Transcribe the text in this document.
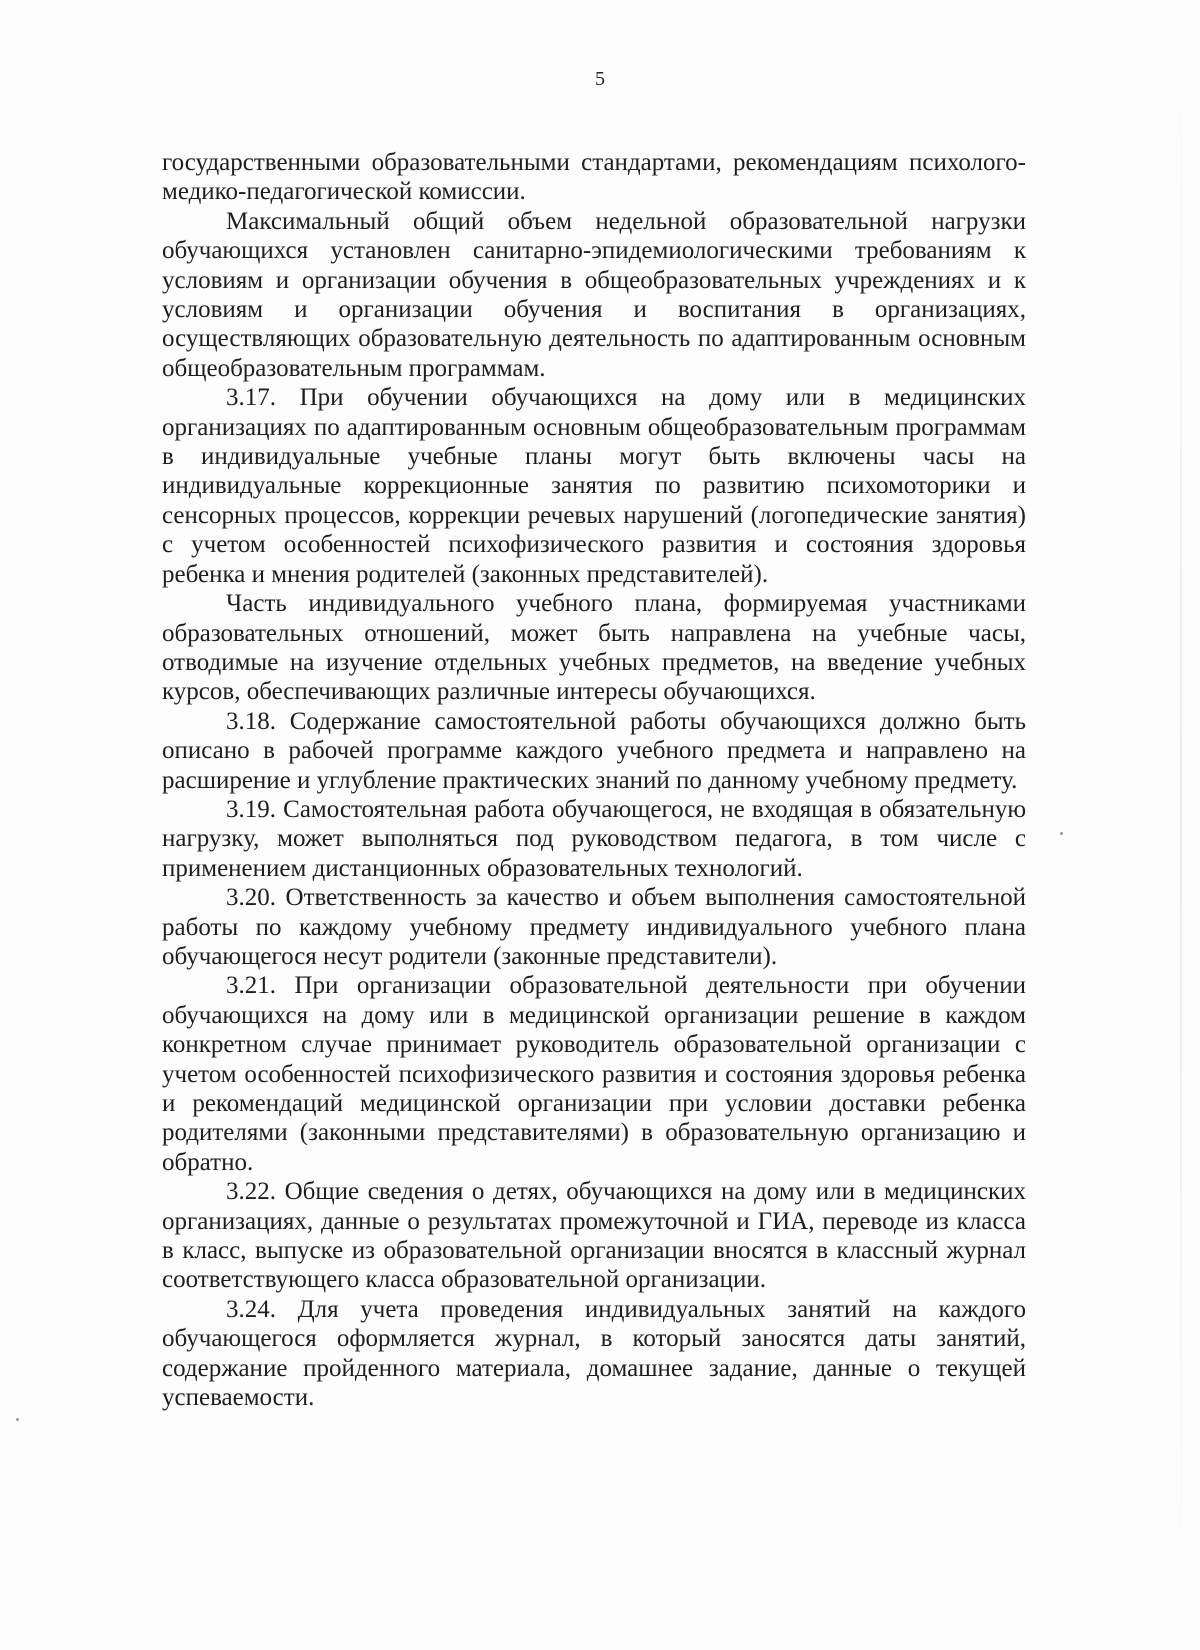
5

государственными образовательными стандартами, рекомендациям психолого-медико-педагогической комиссии.

Максимальный общий объем недельной образовательной нагрузки обучающихся установлен санитарно-эпидемиологическими требованиям к условиям и организации обучения в общеобразовательных учреждениях и к условиям и организации обучения и воспитания в организациях, осуществляющих образовательную деятельность по адаптированным основным общеобразовательным программам.

3.17. При обучении обучающихся на дому или в медицинских организациях по адаптированным основным общеобразовательным программам в индивидуальные учебные планы могут быть включены часы на индивидуальные коррекционные занятия по развитию психомоторики и сенсорных процессов, коррекции речевых нарушений (логопедические занятия) с учетом особенностей психофизического развития и состояния здоровья ребенка и мнения родителей (законных представителей).

Часть индивидуального учебного плана, формируемая участниками образовательных отношений, может быть направлена на учебные часы, отводимые на изучение отдельных учебных предметов, на введение учебных курсов, обеспечивающих различные интересы обучающихся.

3.18. Содержание самостоятельной работы обучающихся должно быть описано в рабочей программе каждого учебного предмета и направлено на расширение и углубление практических знаний по данному учебному предмету.

3.19. Самостоятельная работа обучающегося, не входящая в обязательную нагрузку, может выполняться под руководством педагога, в том числе с применением дистанционных образовательных технологий.

3.20. Ответственность за качество и объем выполнения самостоятельной работы по каждому учебному предмету индивидуального учебного плана обучающегося несут родители (законные представители).

3.21. При организации образовательной деятельности при обучении обучающихся на дому или в медицинской организации решение в каждом конкретном случае принимает руководитель образовательной организации с учетом особенностей психофизического развития и состояния здоровья ребенка и рекомендаций медицинской организации при условии доставки ребенка родителями (законными представителями) в образовательную организацию и обратно.

3.22. Общие сведения о детях, обучающихся на дому или в медицинских организациях, данные о результатах промежуточной и ГИА, переводе из класса в класс, выпуске из образовательной организации вносятся в классный журнал соответствующего класса образовательной организации.

3.24. Для учета проведения индивидуальных занятий на каждого обучающегося оформляется журнал, в который заносятся даты занятий, содержание пройденного материала, домашнее задание, данные о текущей успеваемости.
